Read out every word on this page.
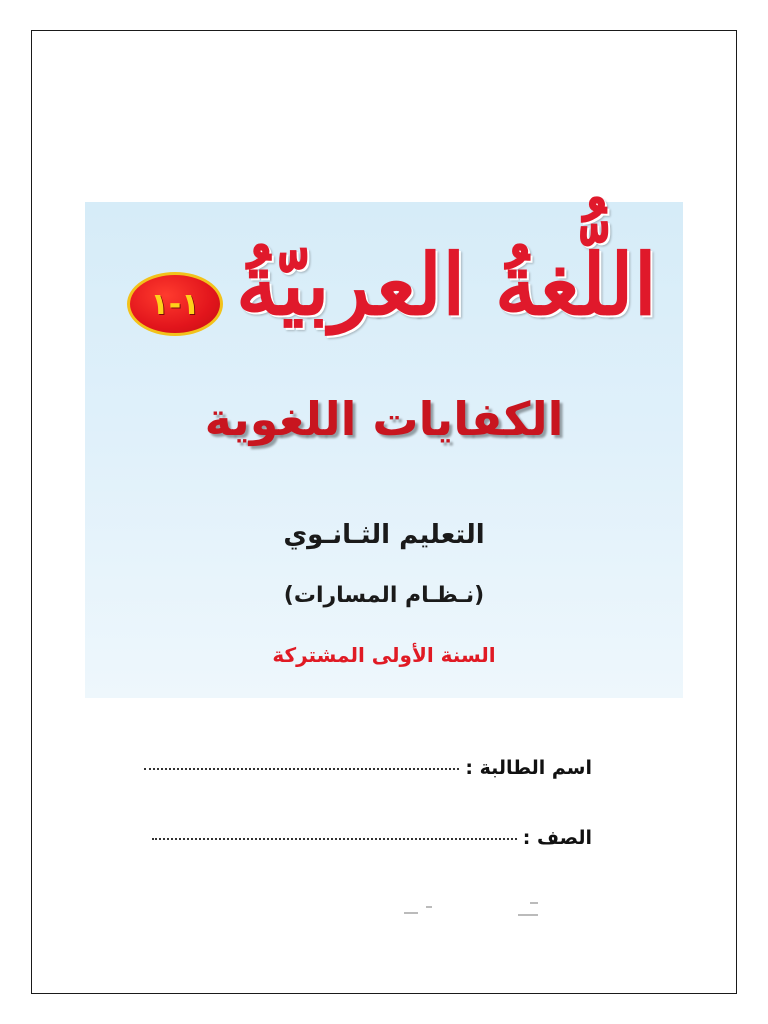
اللُّغةُ العربيّةُ
١-١
الكفايات اللغوية
التعليم الثـانـوي
(نـظـام المسارات)
السنة الأولى المشتركة
اسم الطالبة :
الصف :
